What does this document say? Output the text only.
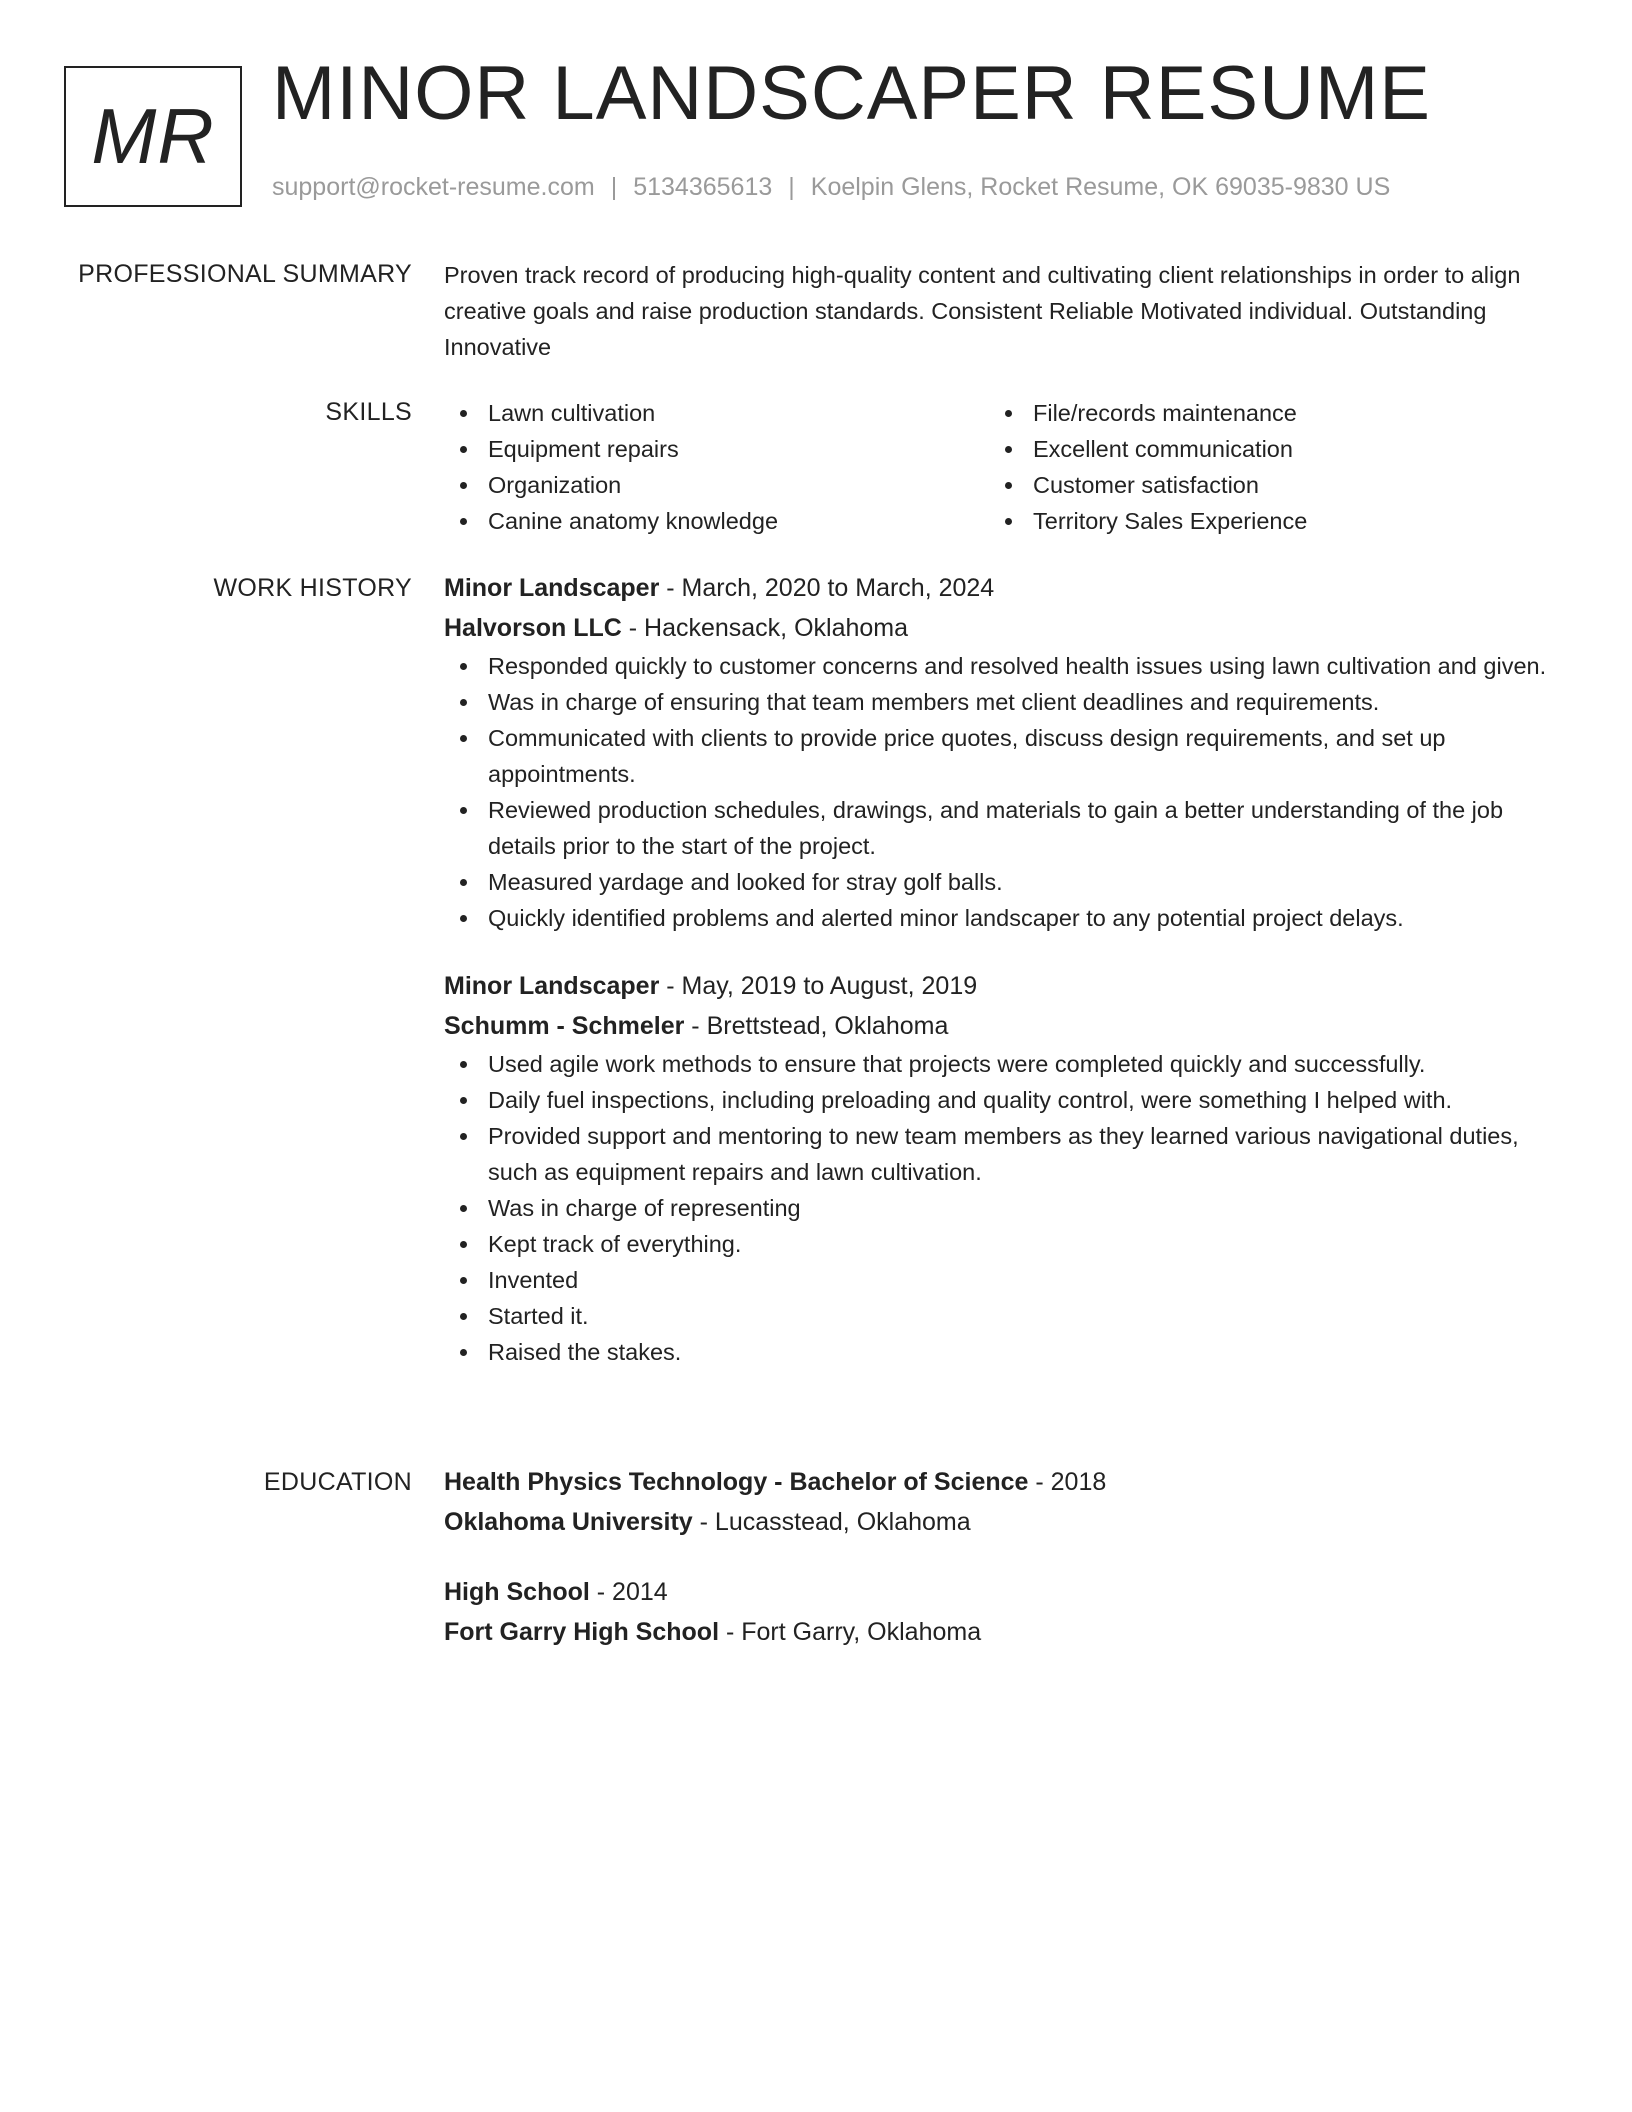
MR MINOR LANDSCAPER RESUME
support@rocket-resume.com | 5134365613 | Koelpin Glens, Rocket Resume, OK 69035-9830 US
PROFESSIONAL SUMMARY Proven track record of producing high-quality content and cultivating client relationships in order to align creative goals and raise production standards. Consistent Reliable Motivated individual. Outstanding Innovative

SKILLS	Lawn cultivation
Equipment repairs
Organization
Canine anatomy knowledge
File/records maintenance
Excellent communication
Customer satisfaction
Territory Sales Experience
WORK HISTORY Minor Landscaper - March, 2020 to March, 2024
Halvorson LLC - Hackensack, Oklahoma
Responded quickly to customer concerns and resolved health issues using lawn cultivation and given.
Was in charge of ensuring that team members met client deadlines and requirements.
Communicated with clients to provide price quotes, discuss design requirements, and set up appointments.
Reviewed production schedules, drawings, and materials to gain a better understanding of the job details prior to the start of the project.
Measured yardage and looked for stray golf balls.
Quickly identified problems and alerted minor landscaper to any potential project delays.
Minor Landscaper - May, 2019 to August, 2019
Schumm - Schmeler - Brettstead, Oklahoma
Used agile work methods to ensure that projects were completed quickly and successfully.
Daily fuel inspections, including preloading and quality control, were something I helped with.
Provided support and mentoring to new team members as they learned various navigational duties, such as equipment repairs and lawn cultivation.
Was in charge of representing
Kept track of everything.
Invented
Started it.
Raised the stakes.
EDUCATION Health Physics Technology - Bachelor of Science - 2018
Oklahoma University - Lucasstead, Oklahoma
High School - 2014
Fort Garry High School - Fort Garry, Oklahoma
